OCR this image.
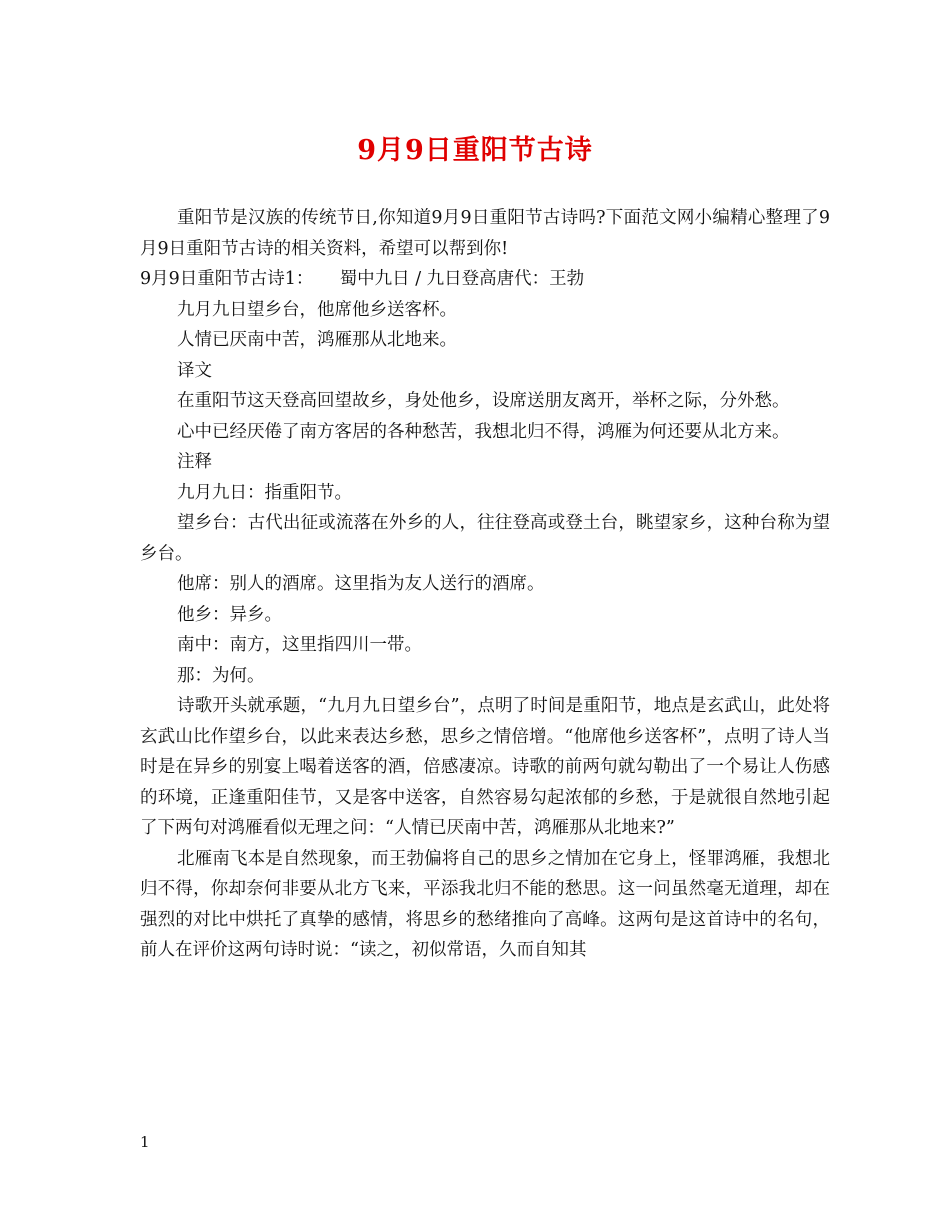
9月9日重阳节古诗

重阳节是汉族的传统节日,你知道9月9日重阳节古诗吗?下面范文网小编精心整理了9月9日重阳节古诗的相关资料，希望可以帮到你!

9月9日重阳节古诗1：　　蜀中九日 / 九日登高唐代：王勃

九月九日望乡台，他席他乡送客杯。

人情已厌南中苦，鸿雁那从北地来。

译文

在重阳节这天登高回望故乡，身处他乡，设席送朋友离开，举杯之际，分外愁。

心中已经厌倦了南方客居的各种愁苦，我想北归不得，鸿雁为何还要从北方来。

注释

九月九日：指重阳节。

望乡台：古代出征或流落在外乡的人，往往登高或登土台，眺望家乡，这种台称为望乡台。

他席：别人的酒席。这里指为友人送行的酒席。

他乡：异乡。

南中：南方，这里指四川一带。

那：为何。

诗歌开头就承题，“九月九日望乡台”，点明了时间是重阳节，地点是玄武山，此处将玄武山比作望乡台，以此来表达乡愁，思乡之情倍增。“他席他乡送客杯”，点明了诗人当时是在异乡的别宴上喝着送客的酒，倍感凄凉。诗歌的前两句就勾勒出了一个易让人伤感的环境，正逢重阳佳节，又是客中送客，自然容易勾起浓郁的乡愁，于是就很自然地引起了下两句对鸿雁看似无理之问：“人情已厌南中苦，鸿雁那从北地来?”

北雁南飞本是自然现象，而王勃偏将自己的思乡之情加在它身上，怪罪鸿雁，我想北归不得，你却奈何非要从北方飞来，平添我北归不能的愁思。这一问虽然毫无道理，却在强烈的对比中烘托了真挚的感情，将思乡的愁绪推向了高峰。这两句是这首诗中的名句，前人在评价这两句诗时说：“读之，初似常语，久而自知其

1
